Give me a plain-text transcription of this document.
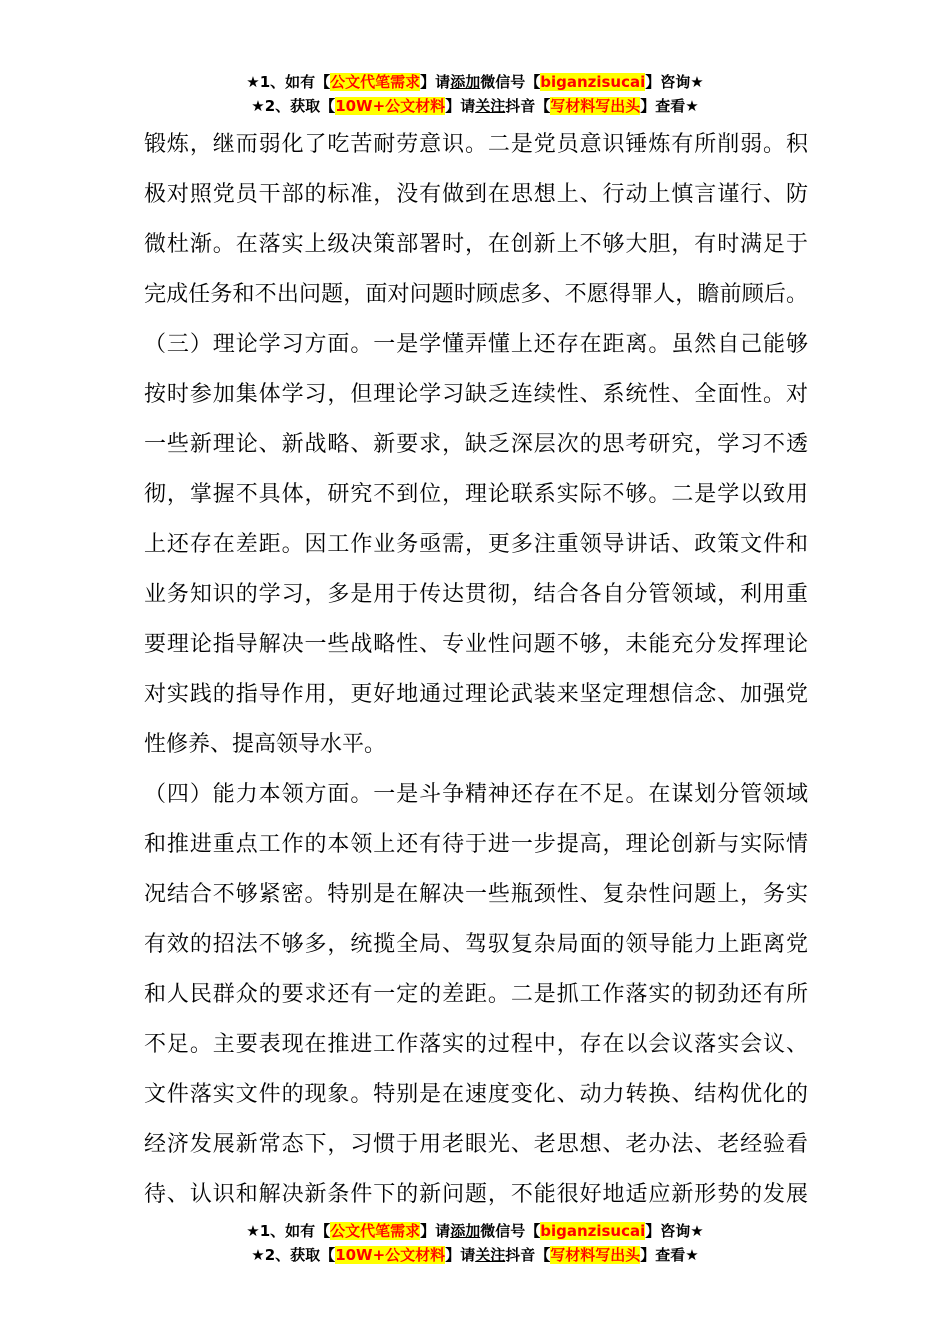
★1、如有【公文代笔需求】请添加微信号【biganzisucai】咨询★
★2、获取【10W+公文材料】请关注抖音【写材料写出头】查看★
锻炼，继而弱化了吃苦耐劳意识。二是党员意识锤炼有所削弱。积
极对照党员干部的标准，没有做到在思想上、行动上慎言谨行、防
微杜渐。在落实上级决策部署时，在创新上不够大胆，有时满足于
完成任务和不出问题，面对问题时顾虑多、不愿得罪人，瞻前顾后。
（三）理论学习方面。一是学懂弄懂上还存在距离。虽然自己能够
按时参加集体学习，但理论学习缺乏连续性、系统性、全面性。对
一些新理论、新战略、新要求，缺乏深层次的思考研究，学习不透
彻，掌握不具体，研究不到位，理论联系实际不够。二是学以致用
上还存在差距。因工作业务亟需，更多注重领导讲话、政策文件和
业务知识的学习，多是用于传达贯彻，结合各自分管领域，利用重
要理论指导解决一些战略性、专业性问题不够，未能充分发挥理论
对实践的指导作用，更好地通过理论武装来坚定理想信念、加强党
性修养、提高领导水平。
（四）能力本领方面。一是斗争精神还存在不足。在谋划分管领域
和推进重点工作的本领上还有待于进一步提高，理论创新与实际情
况结合不够紧密。特别是在解决一些瓶颈性、复杂性问题上，务实
有效的招法不够多，统揽全局、驾驭复杂局面的领导能力上距离党
和人民群众的要求还有一定的差距。二是抓工作落实的韧劲还有所
不足。主要表现在推进工作落实的过程中，存在以会议落实会议、
文件落实文件的现象。特别是在速度变化、动力转换、结构优化的
经济发展新常态下，习惯于用老眼光、老思想、老办法、老经验看
待、认识和解决新条件下的新问题，不能很好地适应新形势的发展
★1、如有【公文代笔需求】请添加微信号【biganzisucai】咨询★
★2、获取【10W+公文材料】请关注抖音【写材料写出头】查看★
